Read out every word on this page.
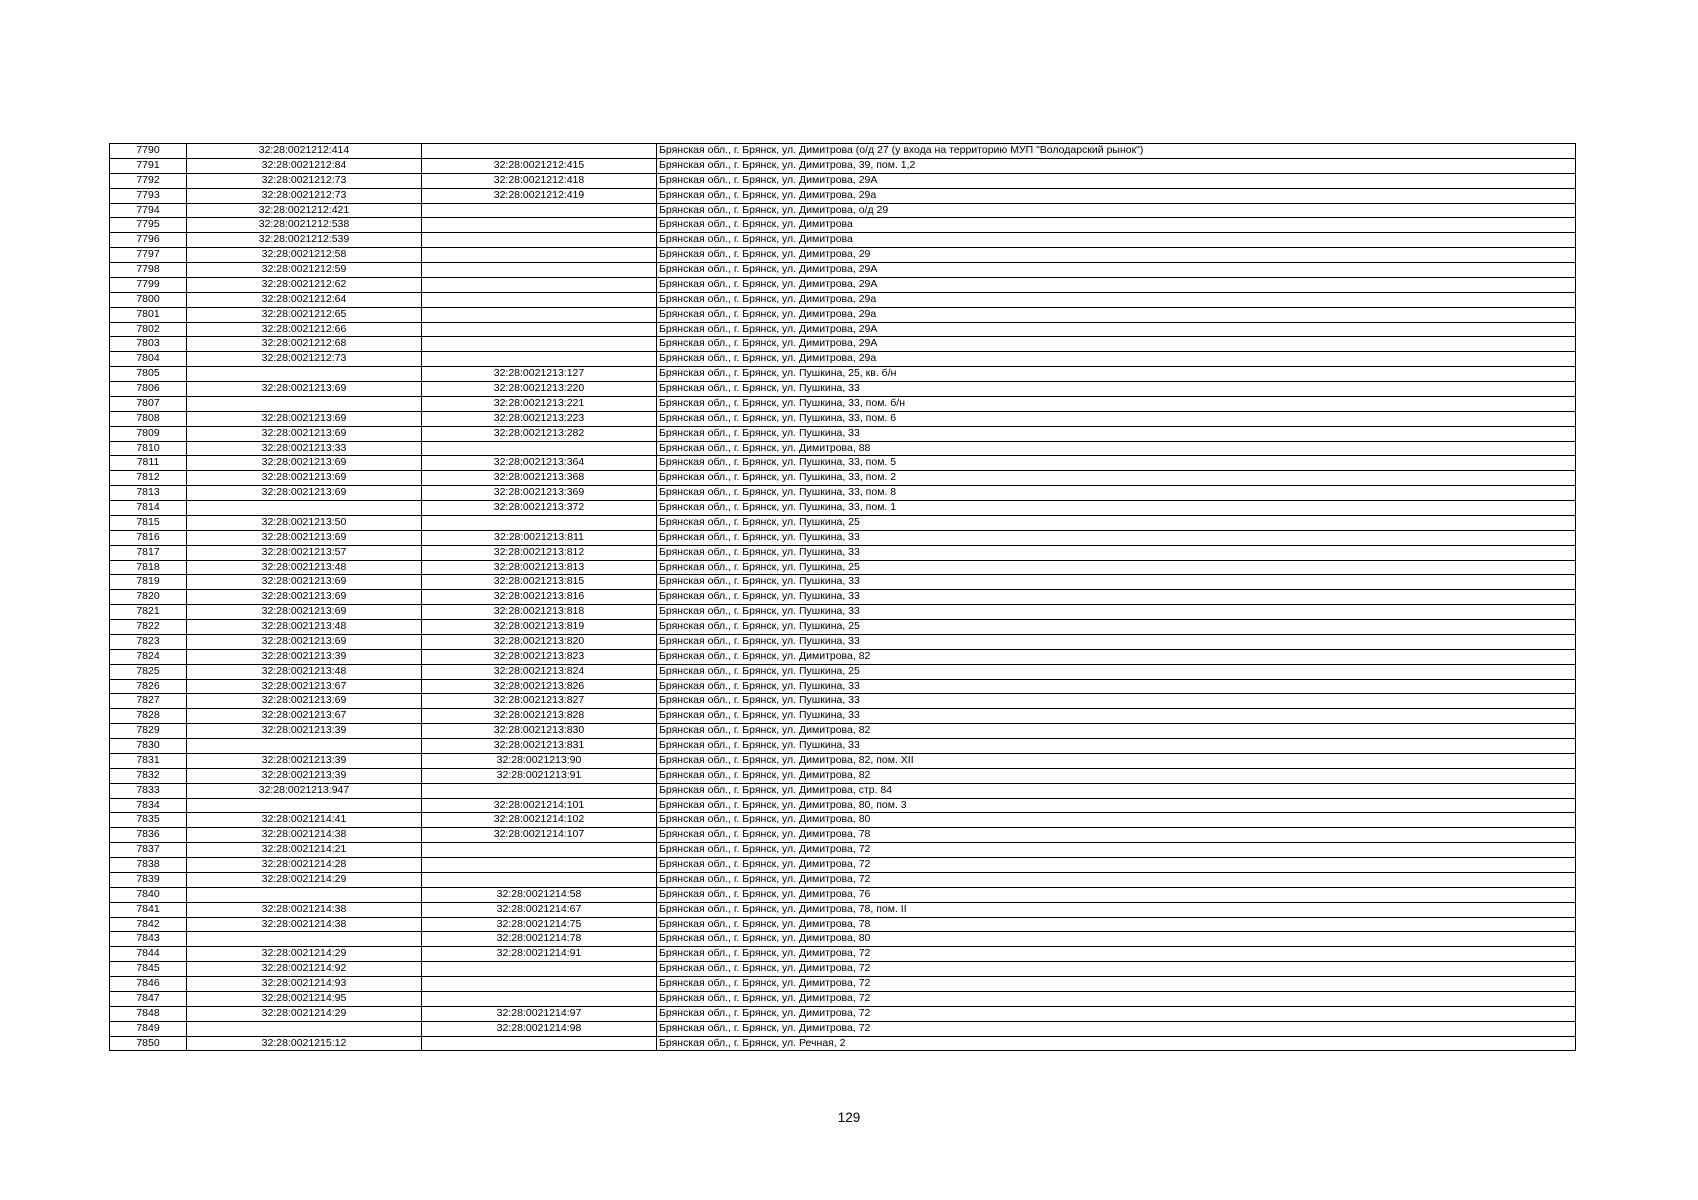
7790	32:28:0021212:414		Брянская обл., г. Брянск, ул. Димитрова (о/д 27 (у входа на территорию МУП "Володарский рынок")
7791	32:28:0021212:84	32:28:0021212:415	Брянская обл., г. Брянск, ул. Димитрова, 39, пом. 1,2
7792	32:28:0021212:73	32:28:0021212:418	Брянская обл., г. Брянск, ул. Димитрова, 29А
7793	32:28:0021212:73	32:28:0021212:419	Брянская обл., г. Брянск, ул. Димитрова, 29а
7794	32:28:0021212:421		Брянская обл., г. Брянск, ул. Димитрова, о/д 29
7795	32:28:0021212:538		Брянская обл., г. Брянск, ул. Димитрова
7796	32:28:0021212:539		Брянская обл., г. Брянск, ул. Димитрова
7797	32:28:0021212:58		Брянская обл., г. Брянск, ул. Димитрова, 29
7798	32:28:0021212:59		Брянская обл., г. Брянск, ул. Димитрова, 29А
7799	32:28:0021212:62		Брянская обл., г. Брянск, ул. Димитрова, 29А
7800	32:28:0021212:64		Брянская обл., г. Брянск, ул. Димитрова, 29а
7801	32:28:0021212:65		Брянская обл., г. Брянск, ул. Димитрова, 29а
7802	32:28:0021212:66		Брянская обл., г. Брянск, ул. Димитрова, 29А
7803	32:28:0021212:68		Брянская обл., г. Брянск, ул. Димитрова, 29А
7804	32:28:0021212:73		Брянская обл., г. Брянск, ул. Димитрова, 29а
7805		32:28:0021213:127	Брянская обл., г. Брянск, ул. Пушкина, 25, кв. б/н
7806	32:28:0021213:69	32:28:0021213:220	Брянская обл., г. Брянск, ул. Пушкина, 33
7807		32:28:0021213:221	Брянская обл., г. Брянск, ул. Пушкина, 33, пом. б/н
7808	32:28:0021213:69	32:28:0021213:223	Брянская обл., г. Брянск, ул. Пушкина, 33, пом. 6
7809	32:28:0021213:69	32:28:0021213:282	Брянская обл., г. Брянск, ул. Пушкина, 33
7810	32:28:0021213:33		Брянская обл., г. Брянск, ул. Димитрова, 88
7811	32:28:0021213:69	32:28:0021213:364	Брянская обл., г. Брянск, ул. Пушкина, 33, пом. 5
7812	32:28:0021213:69	32:28:0021213:368	Брянская обл., г. Брянск, ул. Пушкина, 33, пом. 2
7813	32:28:0021213:69	32:28:0021213:369	Брянская обл., г. Брянск, ул. Пушкина, 33, пом. 8
7814		32:28:0021213:372	Брянская обл., г. Брянск, ул. Пушкина, 33, пом. 1
7815	32:28:0021213:50		Брянская обл., г. Брянск, ул. Пушкина, 25
7816	32:28:0021213:69	32:28:0021213:811	Брянская обл., г. Брянск, ул. Пушкина, 33
7817	32:28:0021213:57	32:28:0021213:812	Брянская обл., г. Брянск, ул. Пушкина, 33
7818	32:28:0021213:48	32:28:0021213:813	Брянская обл., г. Брянск, ул. Пушкина, 25
7819	32:28:0021213:69	32:28:0021213:815	Брянская обл., г. Брянск, ул. Пушкина, 33
7820	32:28:0021213:69	32:28:0021213:816	Брянская обл., г. Брянск, ул. Пушкина, 33
7821	32:28:0021213:69	32:28:0021213:818	Брянская обл., г. Брянск, ул. Пушкина, 33
7822	32:28:0021213:48	32:28:0021213:819	Брянская обл., г. Брянск, ул. Пушкина, 25
7823	32:28:0021213:69	32:28:0021213:820	Брянская обл., г. Брянск, ул. Пушкина, 33
7824	32:28:0021213:39	32:28:0021213:823	Брянская обл., г. Брянск, ул. Димитрова, 82
7825	32:28:0021213:48	32:28:0021213:824	Брянская обл., г. Брянск, ул. Пушкина, 25
7826	32:28:0021213:67	32:28:0021213:826	Брянская обл., г. Брянск, ул. Пушкина, 33
7827	32:28:0021213:69	32:28:0021213:827	Брянская обл., г. Брянск, ул. Пушкина, 33
7828	32:28:0021213:67	32:28:0021213:828	Брянская обл., г. Брянск, ул. Пушкина, 33
7829	32:28:0021213:39	32:28:0021213:830	Брянская обл., г. Брянск, ул. Димитрова, 82
7830		32:28:0021213:831	Брянская обл., г. Брянск, ул. Пушкина, 33
7831	32:28:0021213:39	32:28:0021213:90	Брянская обл., г. Брянск, ул. Димитрова, 82, пом. XII
7832	32:28:0021213:39	32:28:0021213:91	Брянская обл., г. Брянск, ул. Димитрова, 82
7833	32:28:0021213:947		Брянская обл., г. Брянск, ул. Димитрова, стр. 84
7834		32:28:0021214:101	Брянская обл., г. Брянск, ул. Димитрова, 80, пом. 3
7835	32:28:0021214:41	32:28:0021214:102	Брянская обл., г. Брянск, ул. Димитрова, 80
7836	32:28:0021214:38	32:28:0021214:107	Брянская обл., г. Брянск, ул. Димитрова, 78
7837	32:28:0021214:21		Брянская обл., г. Брянск, ул. Димитрова, 72
7838	32:28:0021214:28		Брянская обл., г. Брянск, ул. Димитрова, 72
7839	32:28:0021214:29		Брянская обл., г. Брянск, ул. Димитрова, 72
7840		32:28:0021214:58	Брянская обл., г. Брянск, ул. Димитрова, 76
7841	32:28:0021214:38	32:28:0021214:67	Брянская обл., г. Брянск, ул. Димитрова, 78, пом. II
7842	32:28:0021214:38	32:28:0021214:75	Брянская обл., г. Брянск, ул. Димитрова, 78
7843		32:28:0021214:78	Брянская обл., г. Брянск, ул. Димитрова, 80
7844	32:28:0021214:29	32:28:0021214:91	Брянская обл., г. Брянск, ул. Димитрова, 72
7845	32:28:0021214:92		Брянская обл., г. Брянск, ул. Димитрова, 72
7846	32:28:0021214:93		Брянская обл., г. Брянск, ул. Димитрова, 72
7847	32:28:0021214:95		Брянская обл., г. Брянск, ул. Димитрова, 72
7848	32:28:0021214:29	32:28:0021214:97	Брянская обл., г. Брянск, ул. Димитрова, 72
7849		32:28:0021214:98	Брянская обл., г. Брянск, ул. Димитрова, 72
7850	32:28:0021215:12		Брянская обл., г. Брянск, ул. Речная, 2
129
